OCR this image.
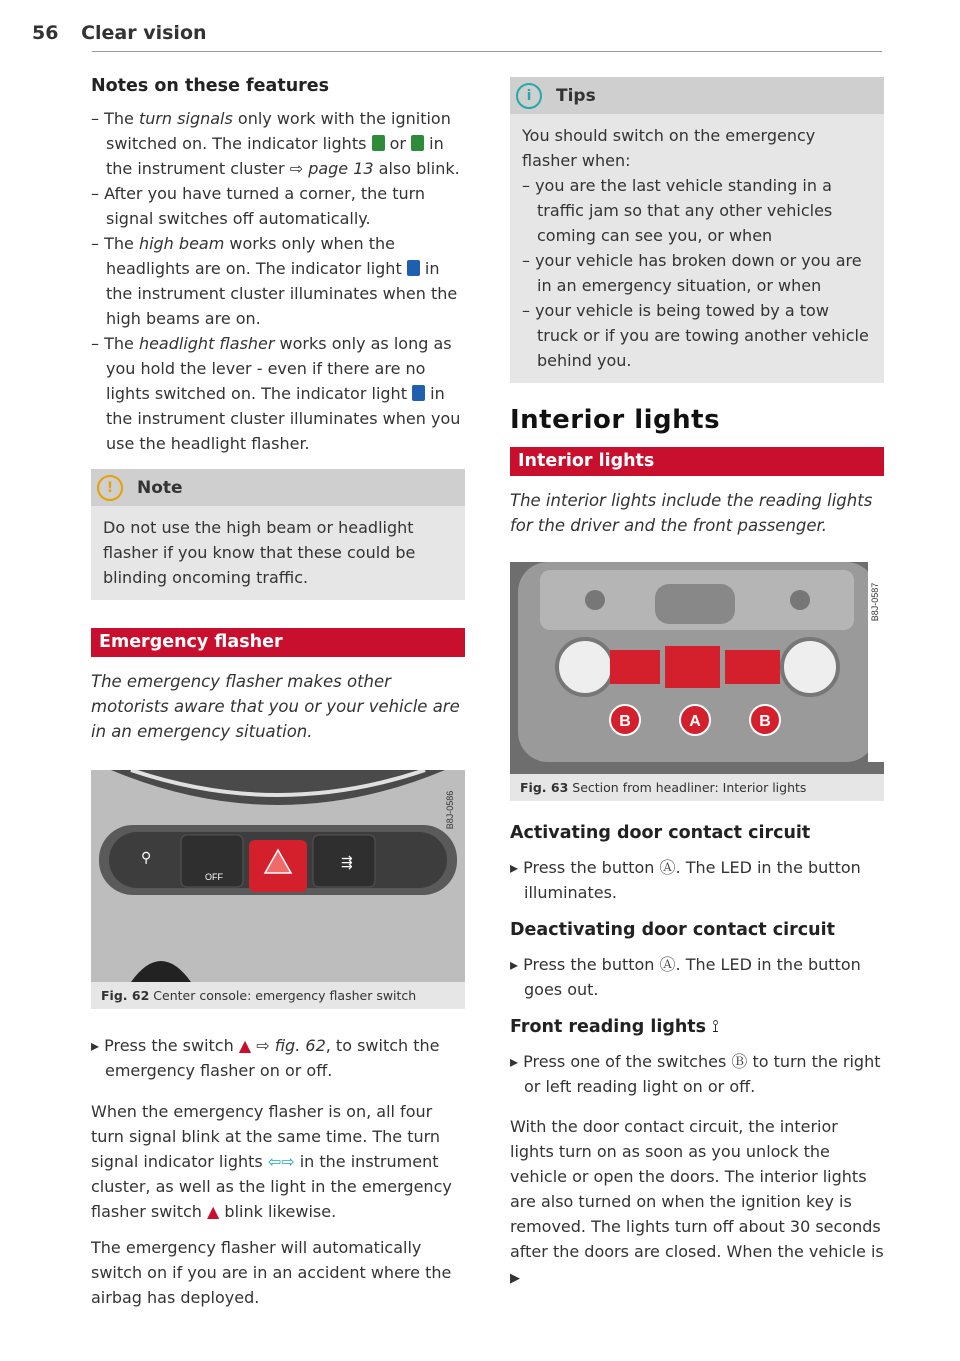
56 Clear vision
Notes on these features
– The turn signals only work with the ignition switched on. The indicator lights  or  in the instrument cluster ⇨ page 13 also blink.
– After you have turned a corner, the turn signal switches off automatically.
– The high beam works only when the headlights are on. The indicator light  in the instrument cluster illuminates when the high beams are on.
– The headlight flasher works only as long as you hold the lever - even if there are no lights switched on. The indicator light  in the instrument cluster illuminates when you use the headlight flasher.
!	Note

Do not use the high beam or headlight flasher if you know that these could be blinding oncoming traffic.

Emergency flasher

The emergency flasher makes other motorists aware that you or your vehicle are in an emergency situation.

OFF
⚲	⇶
B8J-0586
Fig. 62 Center console: emergency flasher switch
▸ Press the switch ▲ ⇨ fig. 62, to switch the emergency flasher on or off.

When the emergency flasher is on, all four turn signal blink at the same time. The turn signal indicator lights ⇦⇨ in the instrument cluster, as well as the light in the emergency flasher switch ▲ blink likewise.

The emergency flasher will automatically switch on if you are in an accident where the airbag has deployed.

i	Tips

You should switch on the emergency flasher when:

– you are the last vehicle standing in a traffic jam so that any other vehicles coming can see you, or when
– your vehicle has broken down or you are in an emergency situation, or when
– your vehicle is being towed by a tow truck or if you are towing another vehicle behind you.
Interior lights
Interior lights

The interior lights include the reading lights for the driver and the front passenger.

B	A	B
B8J-0587
Fig. 63 Section from headliner: Interior lights
Activating door contact circuit
▸ Press the button Ⓐ. The LED in the button illuminates.
Deactivating door contact circuit
▸ Press the button Ⓐ. The LED in the button goes out.
Front reading lights ⟟
▸ Press one of the switches Ⓑ to turn the right or left reading light on or off.

With the door contact circuit, the interior lights turn on as soon as you unlock the vehicle or open the doors. The interior lights are also turned on when the ignition key is removed. The lights turn off about 30 seconds after the doors are closed. When the vehicle is ▶
